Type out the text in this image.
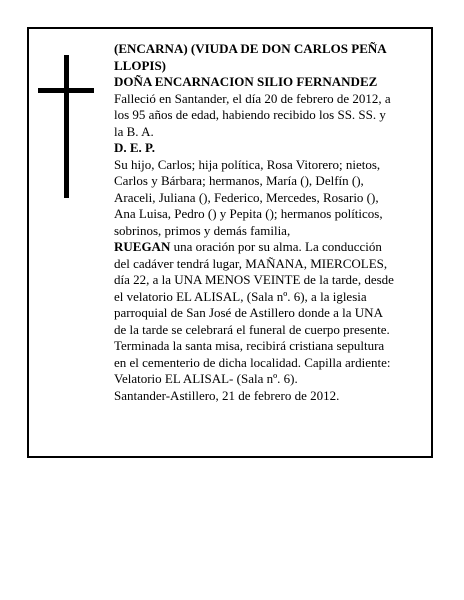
(ENCARNA) (VIUDA DE DON CARLOS PEÑA LLOPIS)

DOÑA ENCARNACION SILIO FERNANDEZ

Falleció en Santander, el día 20 de febrero de 2012, a los 95 años de edad, habiendo recibido los SS. SS. y la B. A.

D. E. P.

Su hijo, Carlos; hija política, Rosa Vitorero; nietos, Carlos y Bárbara; hermanos, María (), Delfín (), Araceli, Juliana (), Federico, Mercedes, Rosario (), Ana Luisa, Pedro () y Pepita (); hermanos políticos, sobrinos, primos y demás familia,

RUEGAN una oración por su alma. La conducción del cadáver tendrá lugar, MAÑANA, MIERCOLES, día 22, a la UNA MENOS VEINTE de la tarde, desde el velatorio EL ALISAL, (Sala nº. 6), a la iglesia parroquial de San José de Astillero donde a la UNA de la tarde se celebrará el funeral de cuerpo presente. Terminada la santa misa, recibirá cristiana sepultura en el cementerio de dicha localidad. Capilla ardiente: Velatorio EL ALISAL- (Sala nº. 6).

Santander-Astillero, 21 de febrero de 2012.
